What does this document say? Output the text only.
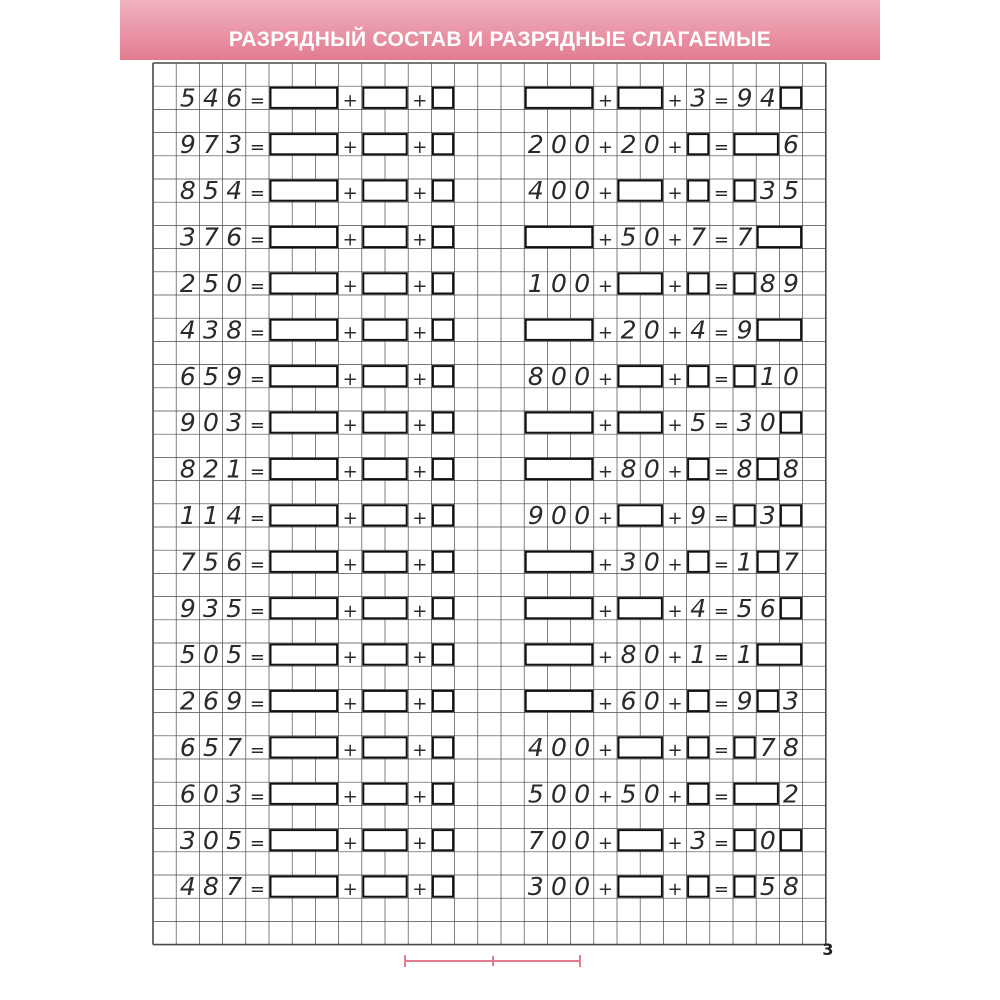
РАЗРЯДНЫЙ СОСТАВ И РАЗРЯДНЫЕ СЛАГАЕМЫЕ
5 4 6 =	+	+
9 7 3 =	+	+
8 5 4 =	+	+
3 7 6 =	+	+
2 5 0 =	+	+
4 3 8 =	+	+
6 5 9 =	+	+
9 0 3 =	+	+
8 2 1 =	+	+
1 1 4 =	+	+
7 5 6 =	+	+
9 3 5 =	+	+
5 0 5 =	+	+
2 6 9 =	+	+
6 5 7 =	+	+
6 0 3 =	+	+
3 0 5 =	+	+
4 8 7 =	+	+
+	+ 3 = 9 4
2 0 0 + 2 0 + = 6
4 0 0 +	+ = 3 5
+ 5 0 + 7 = 7
1 0 0 +	+ = 8 9
+ 2 0 + 4 = 9
8 0 0 +	+ = 1 0
+	+ 5 = 3 0
+ 8 0 + = 8 8
9 0 0 +	+ 9 = 3
+ 3 0 + = 1 7
+	+ 4 = 5 6
+ 8 0 + 1 = 1
+ 6 0 + = 9 3
4 0 0 +	+ = 7 8
5 0 0 + 5 0 + = 2
7 0 0 +	+ 3 = 0
3 0 0 +	+ = 5 8
3
